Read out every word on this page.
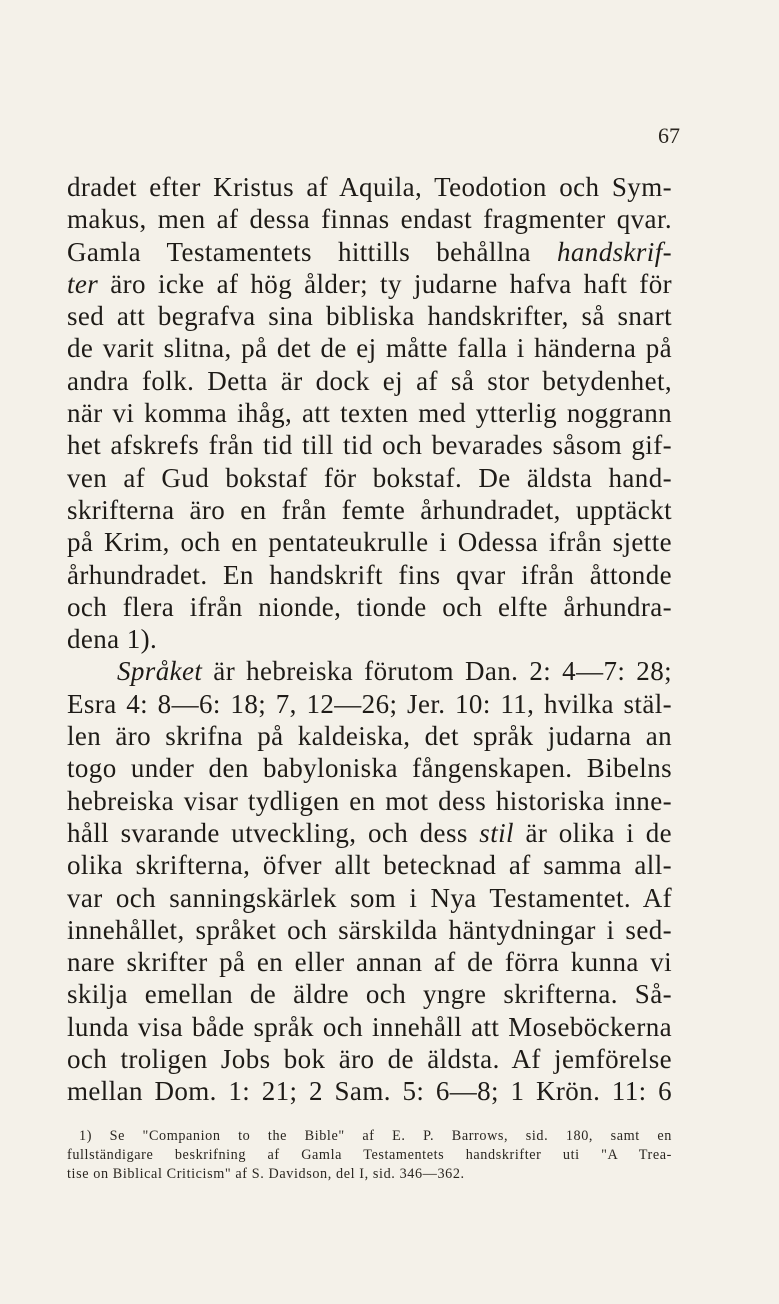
67
dradet efter Kristus af Aquila, Teodotion och Sym-
makus, men af dessa finnas endast fragmenter qvar.
Gamla Testamentets hittills behållna handskrif-
ter äro icke af hög ålder; ty judarne hafva haft för
sed att begrafva sina bibliska handskrifter, så snart
de varit slitna, på det de ej måtte falla i händerna på
andra folk. Detta är dock ej af så stor betydenhet,
när vi komma ihåg, att texten med ytterlig noggrann
het afskrefs från tid till tid och bevarades såsom gif-
ven af Gud bokstaf för bokstaf. De äldsta hand-
skrifterna äro en från femte århundradet, upptäckt
på Krim, och en pentateukrulle i Odessa ifrån sjette
århundradet. En handskrift fins qvar ifrån åttonde
och flera ifrån nionde, tionde och elfte århundra-
dena 1).
Språket är hebreiska förutom Dan. 2: 4—7: 28;
Esra 4: 8—6: 18; 7, 12—26; Jer. 10: 11, hvilka stäl-
len äro skrifna på kaldeiska, det språk judarna an
togo under den babyloniska fångenskapen. Bibelns
hebreiska visar tydligen en mot dess historiska inne-
håll svarande utveckling, och dess stil är olika i de
olika skrifterna, öfver allt betecknad af samma all-
var och sanningskärlek som i Nya Testamentet. Af
innehållet, språket och särskilda häntydningar i sed-
nare skrifter på en eller annan af de förra kunna vi
skilja emellan de äldre och yngre skrifterna. Så-
lunda visa både språk och innehåll att Moseböckerna
och troligen Jobs bok äro de äldsta. Af jemförelse
mellan Dom. 1: 21; 2 Sam. 5: 6—8; 1 Krön. 11: 6
1) Se "Companion to the Bible" af E. P. Barrows, sid. 180, samt en
fullständigare beskrifning af Gamla Testamentets handskrifter uti "A Trea-
tise on Biblical Criticism" af S. Davidson, del I, sid. 346—362.
